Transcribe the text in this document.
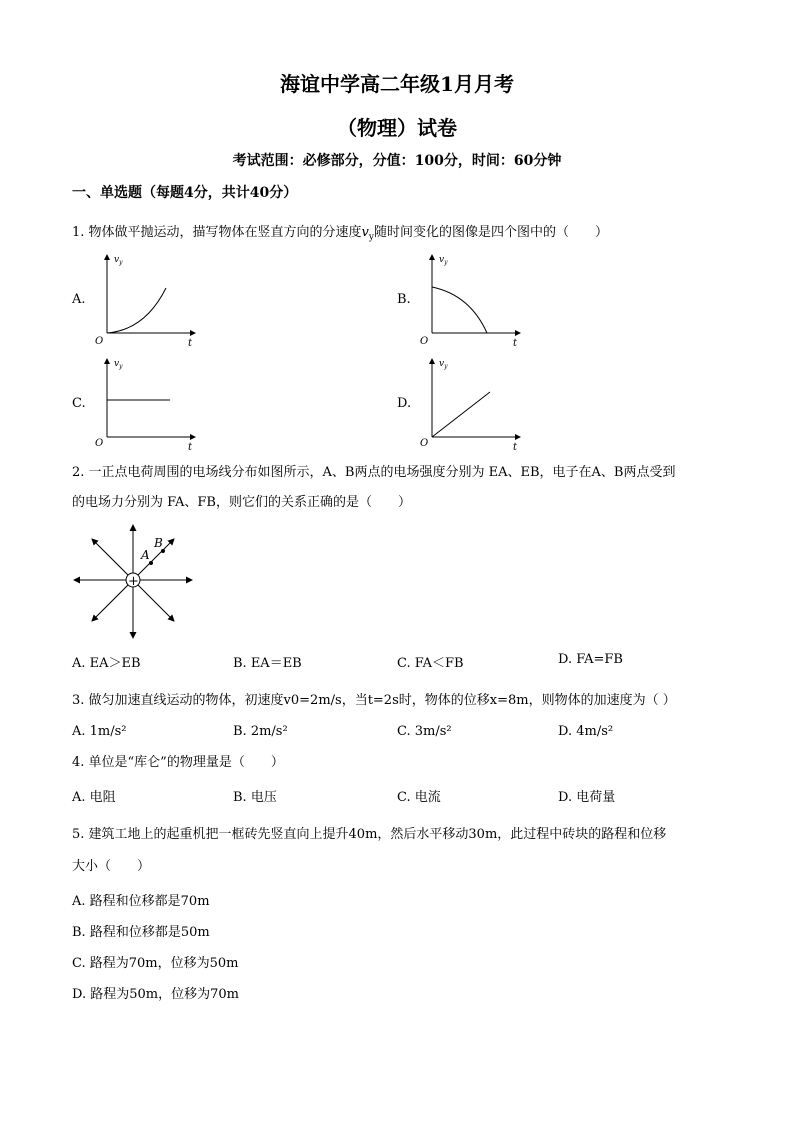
海谊中学高二年级1月月考
（物理）试卷
考试范围：必修部分，分值：100分，时间：60分钟
一、单选题（每题4分，共计40分）
1. 物体做平抛运动，描写物体在竖直方向的分速度$v_y$随时间变化的图像是四个图中的（　　）
A.
$v_y$
O	t
B.
$v_y$
O	t
C.
$v_y$
O	t
D.
$v_y$
O	t
2. 一正点电荷周围的电场线分布如图所示，A、B两点的电场强度分别为 EA、EB，电子在A、B两点受到
的电场力分别为 FA、FB，则它们的关系正确的是（　　）
+
A
B
A. EA＞EB	B. EA＝EB	C. FA＜FB	D. FA=FB
3. 做匀加速直线运动的物体，初速度v0=2m/s，当t=2s时，物体的位移x=8m，则物体的加速度为（ ）
A. 1m/s²	B. 2m/s²	C. 3m/s²	D. 4m/s²
4. 单位是“库仑”的物理量是（　　）
A. 电阻	B. 电压	C. 电流	D. 电荷量
5. 建筑工地上的起重机把一框砖先竖直向上提升40m，然后水平移动30m，此过程中砖块的路程和位移
大小（　　）
A. 路程和位移都是70m
B. 路程和位移都是50m
C. 路程为70m，位移为50m
D. 路程为50m，位移为70m
